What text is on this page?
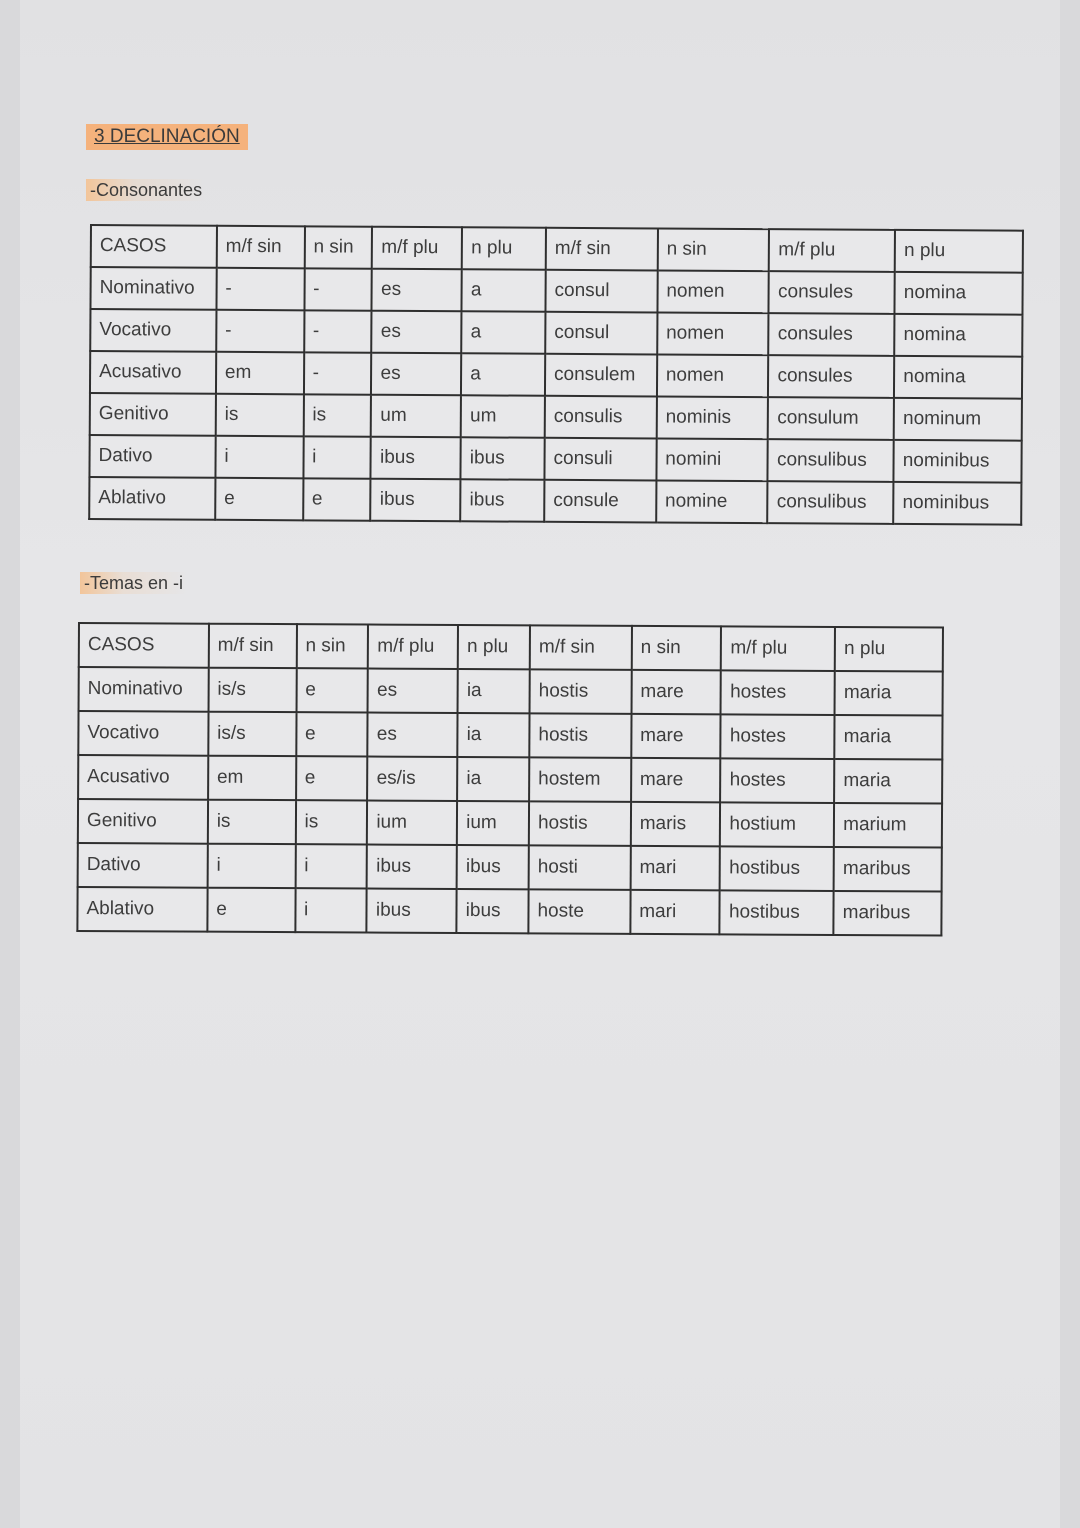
3 DECLINACIÓN
-Consonantes
CASOS	m/f sin	n sin	m/f plu	n plu	m/f sin	n sin	m/f plu	n plu
Nominativo	-	-	es	a	consul	nomen	consules	nomina
Vocativo	-	-	es	a	consul	nomen	consules	nomina
Acusativo	em	-	es	a	consulem	nomen	consules	nomina
Genitivo	is	is	um	um	consulis	nominis	consulum	nominum
Dativo	i	i	ibus	ibus	consuli	nomini	consulibus	nominibus
Ablativo	e	e	ibus	ibus	consule	nomine	consulibus	nominibus
-Temas en -i
CASOS	m/f sin	n sin	m/f plu	n plu	m/f sin	n sin	m/f plu	n plu
Nominativo	is/s	e	es	ia	hostis	mare	hostes	maria
Vocativo	is/s	e	es	ia	hostis	mare	hostes	maria
Acusativo	em	e	es/is	ia	hostem	mare	hostes	maria
Genitivo	is	is	ium	ium	hostis	maris	hostium	marium
Dativo	i	i	ibus	ibus	hosti	mari	hostibus	maribus
Ablativo	e	i	ibus	ibus	hoste	mari	hostibus	maribus
